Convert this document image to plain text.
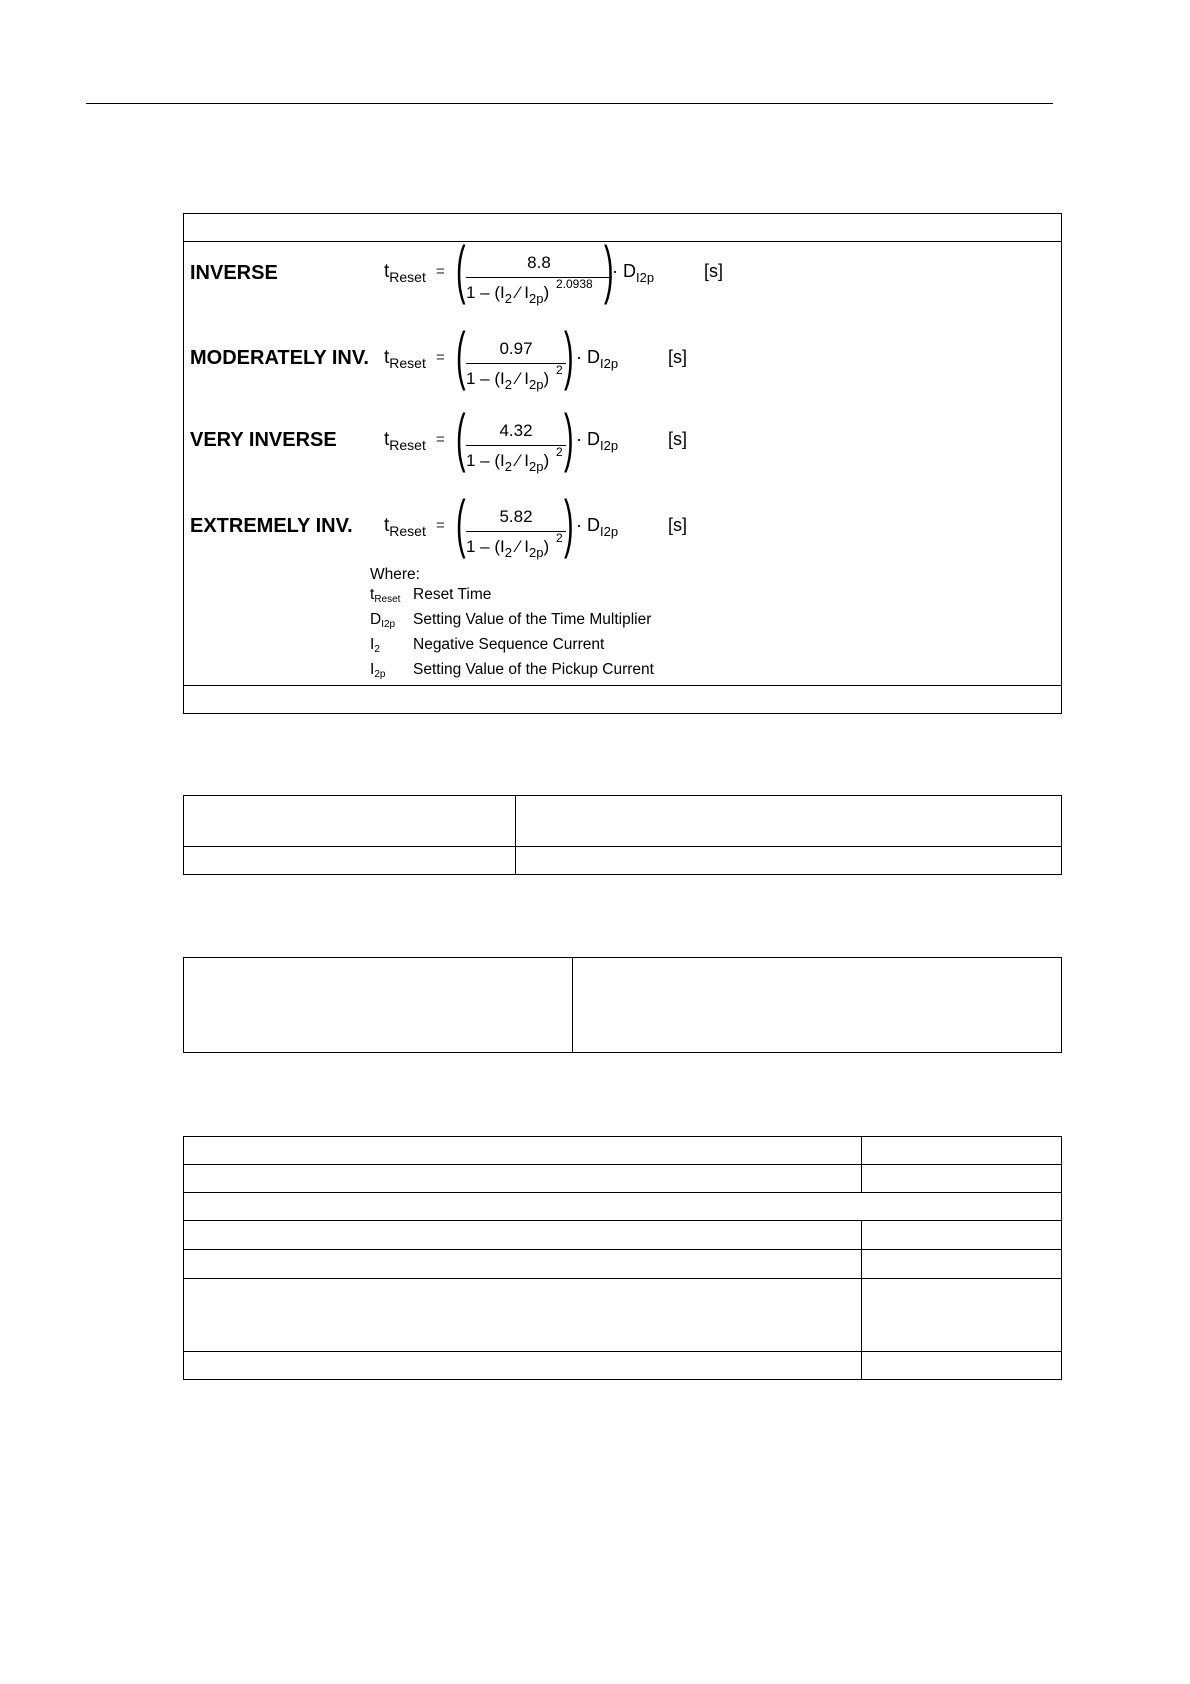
INVERSE	$t_{Reset}$ = (	8.8
$1 - (I_2$ ⁄ $I_{2p}$) 2.0938 )
· $D_{I2p}$	[s]
MODERATELY INV. $t_{Reset}$ = (	0.97
$1 - (I_2$ ⁄ $I_{2p}$) 2 ) · $D_{I2p}$	[s]
VERY INVERSE $t_{Reset}$ = (	4.32
$1 - (I_2$ ⁄ $I_{2p}$) 2 ) · $D_{I2p}$	[s]
EXTREMELY INV. $t_{Reset}$ = (	5.82
$1 - (I_2$ ⁄ $I_{2p}$) 2 ) · $D_{I2p}$	[s]
Where:
$t_{Reset}$ Reset Time
$D_{I2p}$ Setting Value of the Time Multiplier
$I_2$ Negative Sequence Current
$I_{2p}$ Setting Value of the Pickup Current
